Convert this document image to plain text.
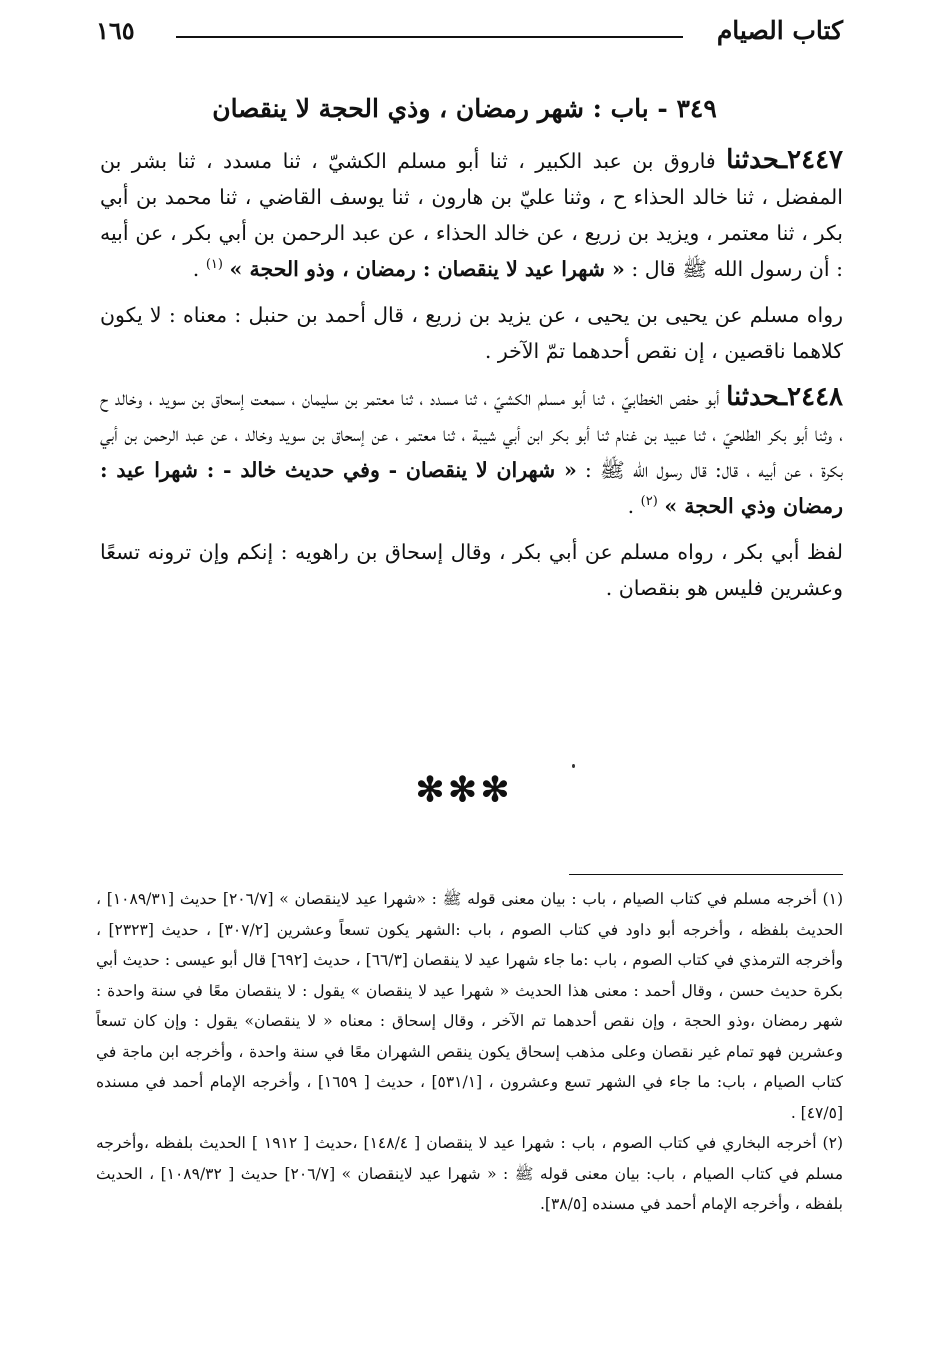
كتاب الصيام
١٦٥
٣٤٩ - باب : شهر رمضان ، وذي الحجة لا ينقصان

٢٤٤٧ـحدثنا فاروق بن عبد الكبير ، ثنا أبو مسلم الكشيّ ، ثنا مسدد ، ثنا بشر بن المفضل ، ثنا خالد الحذاء ح ، وثنا عليّ بن هارون ، ثنا يوسف القاضي ، ثنا محمد بن أبي بكر ، ثنا معتمر ، ويزيد بن زريع ، عن خالد الحذاء ، عن عبد الرحمن بن أبي بكر ، عن أبيه : أن رسول الله ﷺ قال : « شهرا عيد لا ينقصان : رمضان ، وذو الحجة » $^{(١)}$ .

رواه مسلم عن يحيى بن يحيى ، عن يزيد بن زريع ، قال أحمد بن حنبل : معناه : لا يكون كلاهما ناقصين ، إن نقص أحدهما تمّ الآخر .

٢٤٤٨ـحدثنا أبو حفص الخطابيّ ، ثنا أبو مسلم الكشيّ ، ثنا مسدد ، ثنا معتمر بن سليمان ، سمعت إسحاق بن سويد ، وخالد ح ، وثنا أبو بكر الطلحيّ ، ثنا عبيد بن غنام ثنا أبو بكر ابن أبي شيبة ، ثنا معتمر ، عن إسحاق بن سويد وخالد ، عن عبد الرحمن بن أبي بكرة ، عن أبيه ، قال: قال رسول الله ﷺ : « شهران لا ينقصان - وفي حديث خالد - : شهرا عيد : رمضان وذي الحجة » $^{(٢)}$ .

لفظ أبي بكر ، رواه مسلم عن أبي بكر ، وقال إسحاق بن راهويه : إنكم وإن ترونه تسعًا وعشرين فليس هو بنقصان .

✻✻✻

(١) أخرجه مسلم في كتاب الصيام ، باب : بيان معنى قوله ﷺ : «شهرا عيد لاينقصان » [٢٠٦/٧] حديث [١٠٨٩/٣١] ، الحديث بلفظه ، وأخرجه أبو داود في كتاب الصوم ، باب :الشهر يكون تسعاً وعشرين [٣٠٧/٢] ، حديث [٢٣٢٣] ، وأخرجه الترمذي في كتاب الصوم ، باب :ما جاء شهرا عيد لا ينقصان [٦٦/٣] ، حديث [٦٩٢] قال أبو عيسى : حديث أبي بكرة حديث حسن ، وقال أحمد : معنى هذا الحديث « شهرا عيد لا ينقصان » يقول : لا ينقصان معًا في سنة واحدة : شهر رمضان ،وذو الحجة ، وإن نقص أحدهما تم الآخر ، وقال إسحاق : معناه « لا ينقصان» يقول : وإن كان تسعاً وعشرين فهو تمام غير نقصان وعلى مذهب إسحاق يكون ينقص الشهران معًا في سنة واحدة ، وأخرجه ابن ماجة في كتاب الصيام ، باب: ما جاء في الشهر تسع وعشرون ، [٥٣١/١] ، حديث [ ١٦٥٩] ، وأخرجه الإمام أحمد في مسنده [٤٧/٥] .

(٢) أخرجه البخاري في كتاب الصوم ، باب : شهرا عيد لا ينقصان [ ١٤٨/٤] ،حديث [ ١٩١٢ ] الحديث بلفظه ،وأخرجه مسلم في كتاب الصيام ، باب: بيان معنى قوله ﷺ : « شهرا عيد لاينقصان » [٢٠٦/٧] حديث [ ١٠٨٩/٣٢] ، الحديث بلفظه ، وأخرجه الإمام أحمد في مسنده [٣٨/٥].
